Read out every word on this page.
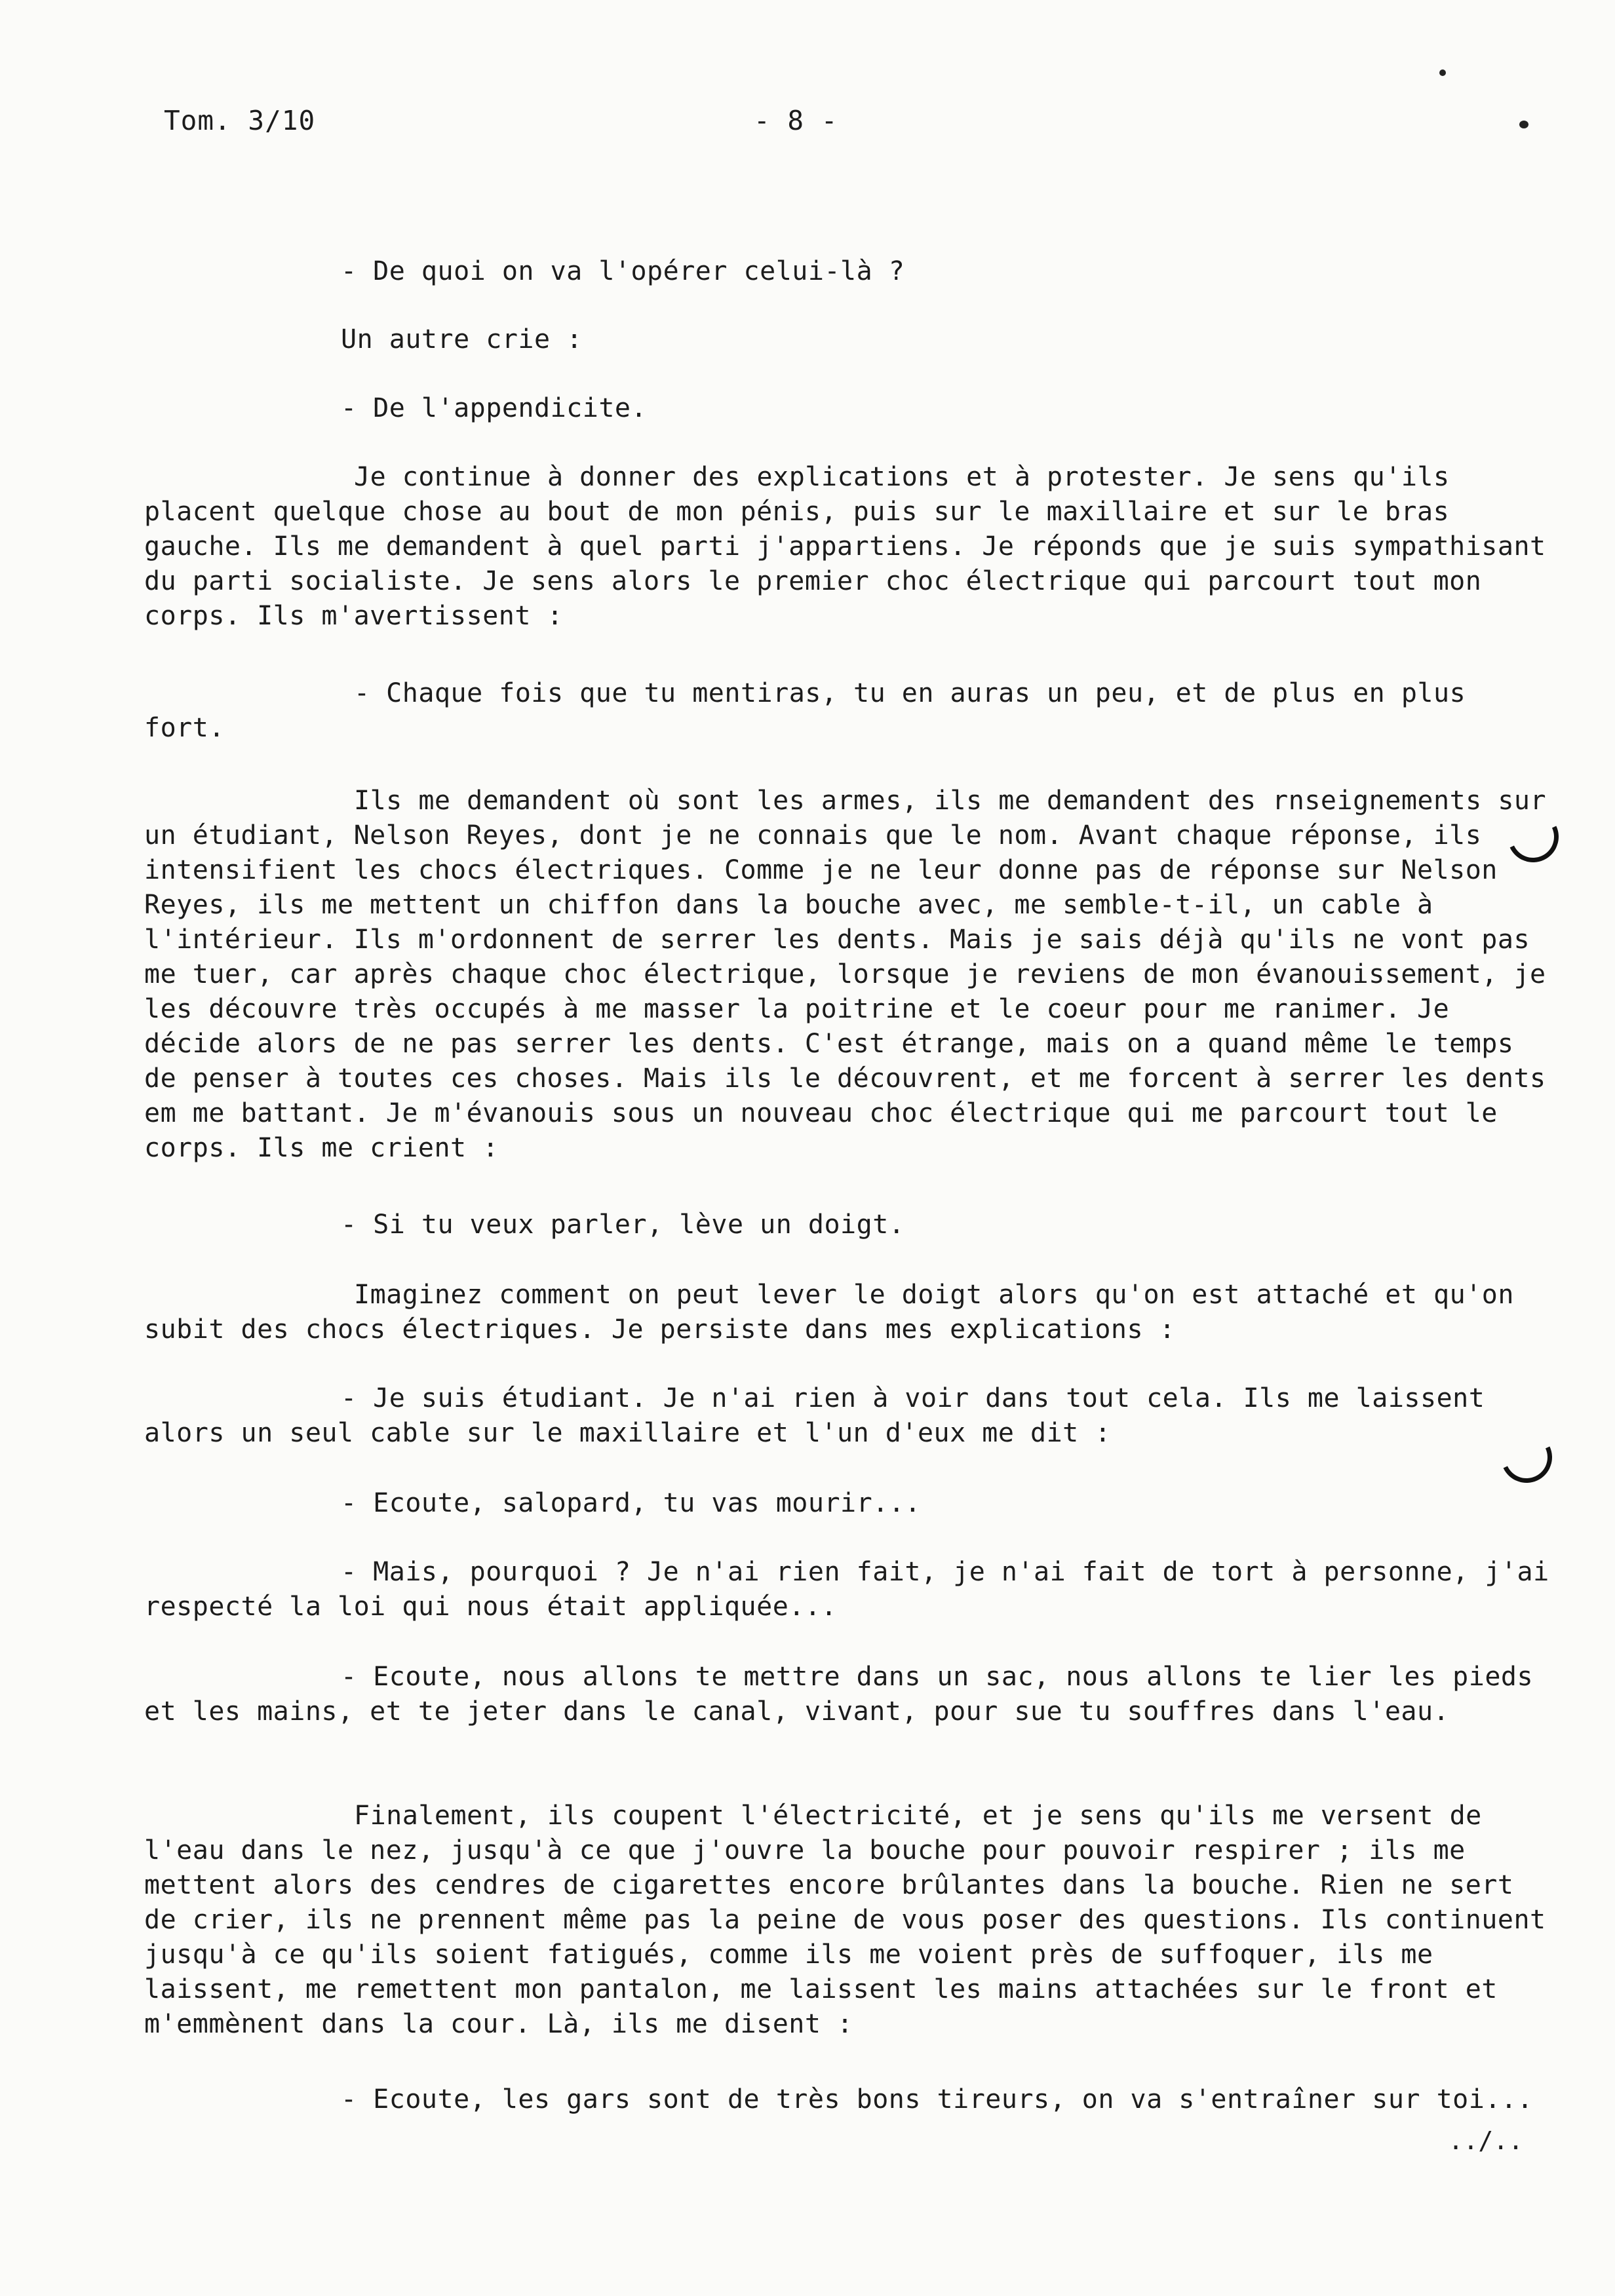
Tom. 3/10	- 8 -

- De quoi on va l'opérer celui-là ?

Un autre crie :

- De l'appendicite.

Je continue à donner des explications et à protester. Je sens qu'ils placent quelque chose au bout de mon pénis, puis sur le maxillaire et sur le bras gauche. Ils me demandent à quel parti j'appartiens. Je réponds que je suis sympathisant du parti socialiste. Je sens alors le premier choc électrique qui parcourt tout mon corps. Ils m'avertissent :

- Chaque fois que tu mentiras, tu en auras un peu, et de plus en plus fort.

Ils me demandent où sont les armes, ils me demandent des rnseignements sur un étudiant, Nelson Reyes, dont je ne connais que le nom. Avant chaque réponse, ils intensifient les chocs électriques. Comme je ne leur donne pas de réponse sur Nelson Reyes, ils me mettent un chiffon dans la bouche avec, me semble-t-il, un cable à l'intérieur. Ils m'ordonnent de serrer les dents. Mais je sais déjà qu'ils ne vont pas me tuer, car après chaque choc électrique, lorsque je reviens de mon évanouissement, je les découvre très occupés à me masser la poitrine et le coeur pour me ranimer. Je décide alors de ne pas serrer les dents. C'est étrange, mais on a quand même le temps de penser à toutes ces choses. Mais ils le découvrent, et me forcent à serrer les dents em me battant. Je m'évanouis sous un nouveau choc électrique qui me parcourt tout le corps. Ils me crient :

- Si tu veux parler, lève un doigt.

Imaginez comment on peut lever le doigt alors qu'on est attaché et qu'on subit des chocs électriques. Je persiste dans mes explications :

- Je suis étudiant. Je n'ai rien à voir dans tout cela. Ils me laissent alors un seul cable sur le maxillaire et l'un d'eux me dit :

- Ecoute, salopard, tu vas mourir...

- Mais, pourquoi ? Je n'ai rien fait, je n'ai fait de tort à personne, j'ai respecté la loi qui nous était appliquée...

- Ecoute, nous allons te mettre dans un sac, nous allons te lier les pieds et les mains, et te jeter dans le canal, vivant, pour sue tu souffres dans l'eau.

Finalement, ils coupent l'électricité, et je sens qu'ils me versent de l'eau dans le nez, jusqu'à ce que j'ouvre la bouche pour pouvoir respirer ; ils me mettent alors des cendres de cigarettes encore brûlantes dans la bouche. Rien ne sert de crier, ils ne prennent même pas la peine de vous poser des questions. Ils continuent jusqu'à ce qu'ils soient fatigués, comme ils me voient près de suffoquer, ils me laissent, me remettent mon pantalon, me laissent les mains attachées sur le front et m'emmènent dans la cour. Là, ils me disent :

- Ecoute, les gars sont de très bons tireurs, on va s'entraîner sur toi...

../..
